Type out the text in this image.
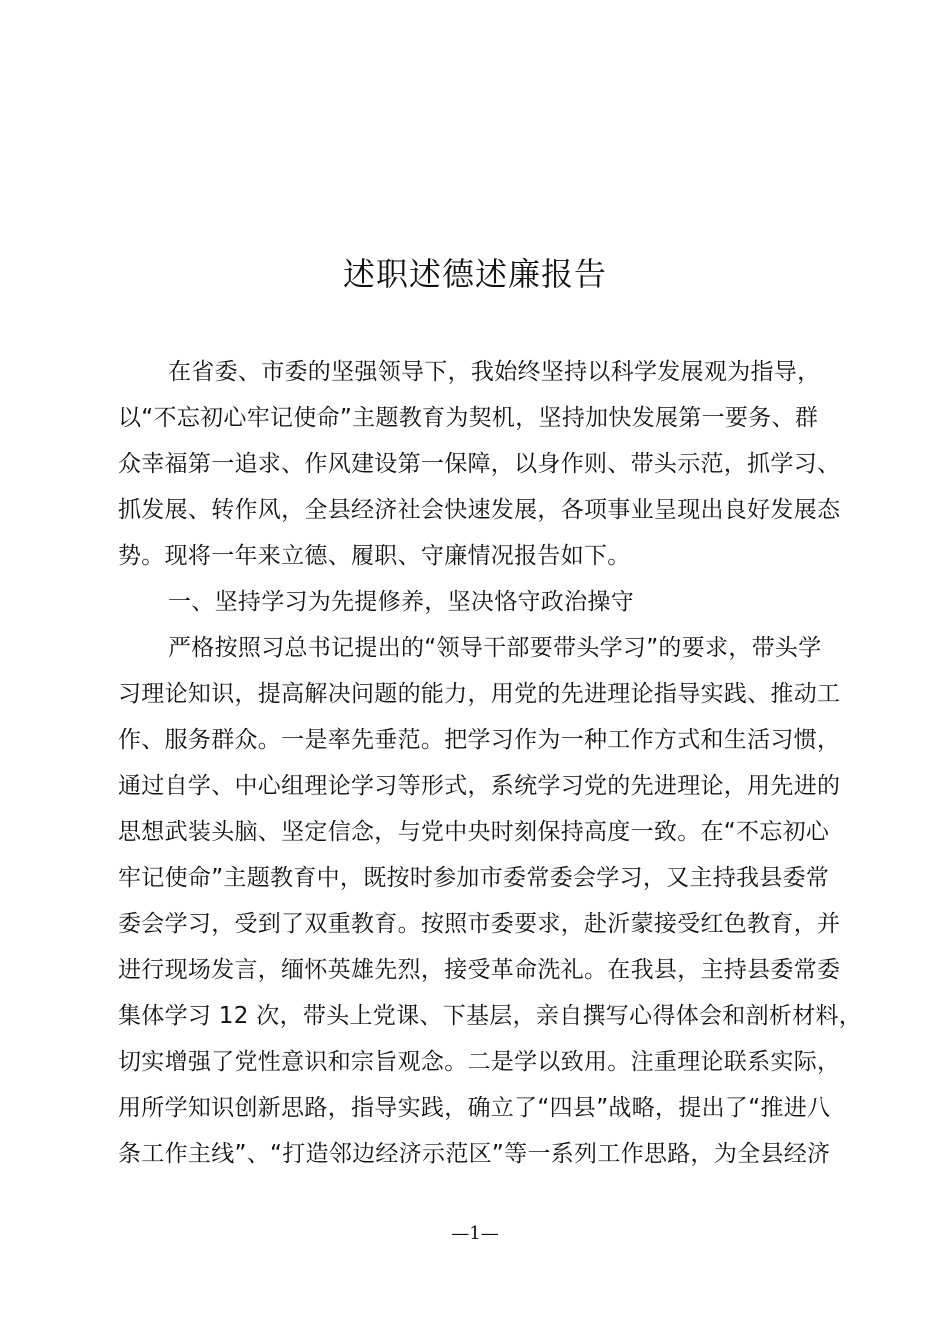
述职述德述廉报告
在省委、市委的坚强领导下，我始终坚持以科学发展观为指导，
以“不忘初心牢记使命”主题教育为契机，坚持加快发展第一要务、群
众幸福第一追求、作风建设第一保障，以身作则、带头示范，抓学习、
抓发展、转作风，全县经济社会快速发展，各项事业呈现出良好发展态
势。现将一年来立德、履职、守廉情况报告如下。
一、坚持学习为先提修养，坚决恪守政治操守
严格按照习总书记提出的“领导干部要带头学习”的要求，带头学
习理论知识，提高解决问题的能力，用党的先进理论指导实践、推动工
作、服务群众。一是率先垂范。把学习作为一种工作方式和生活习惯，
通过自学、中心组理论学习等形式，系统学习党的先进理论，用先进的
思想武装头脑、坚定信念，与党中央时刻保持高度一致。在“不忘初心
牢记使命”主题教育中，既按时参加市委常委会学习，又主持我县委常
委会学习，受到了双重教育。按照市委要求，赴沂蒙接受红色教育，并
进行现场发言，缅怀英雄先烈，接受革命洗礼。在我县，主持县委常委
集体学习 12 次，带头上党课、下基层，亲自撰写心得体会和剖析材料，
切实增强了党性意识和宗旨观念。二是学以致用。注重理论联系实际，
用所学知识创新思路，指导实践，确立了“四县”战略，提出了“推进八
条工作主线”、“打造邻边经济示范区”等一系列工作思路，为全县经济
—1—
